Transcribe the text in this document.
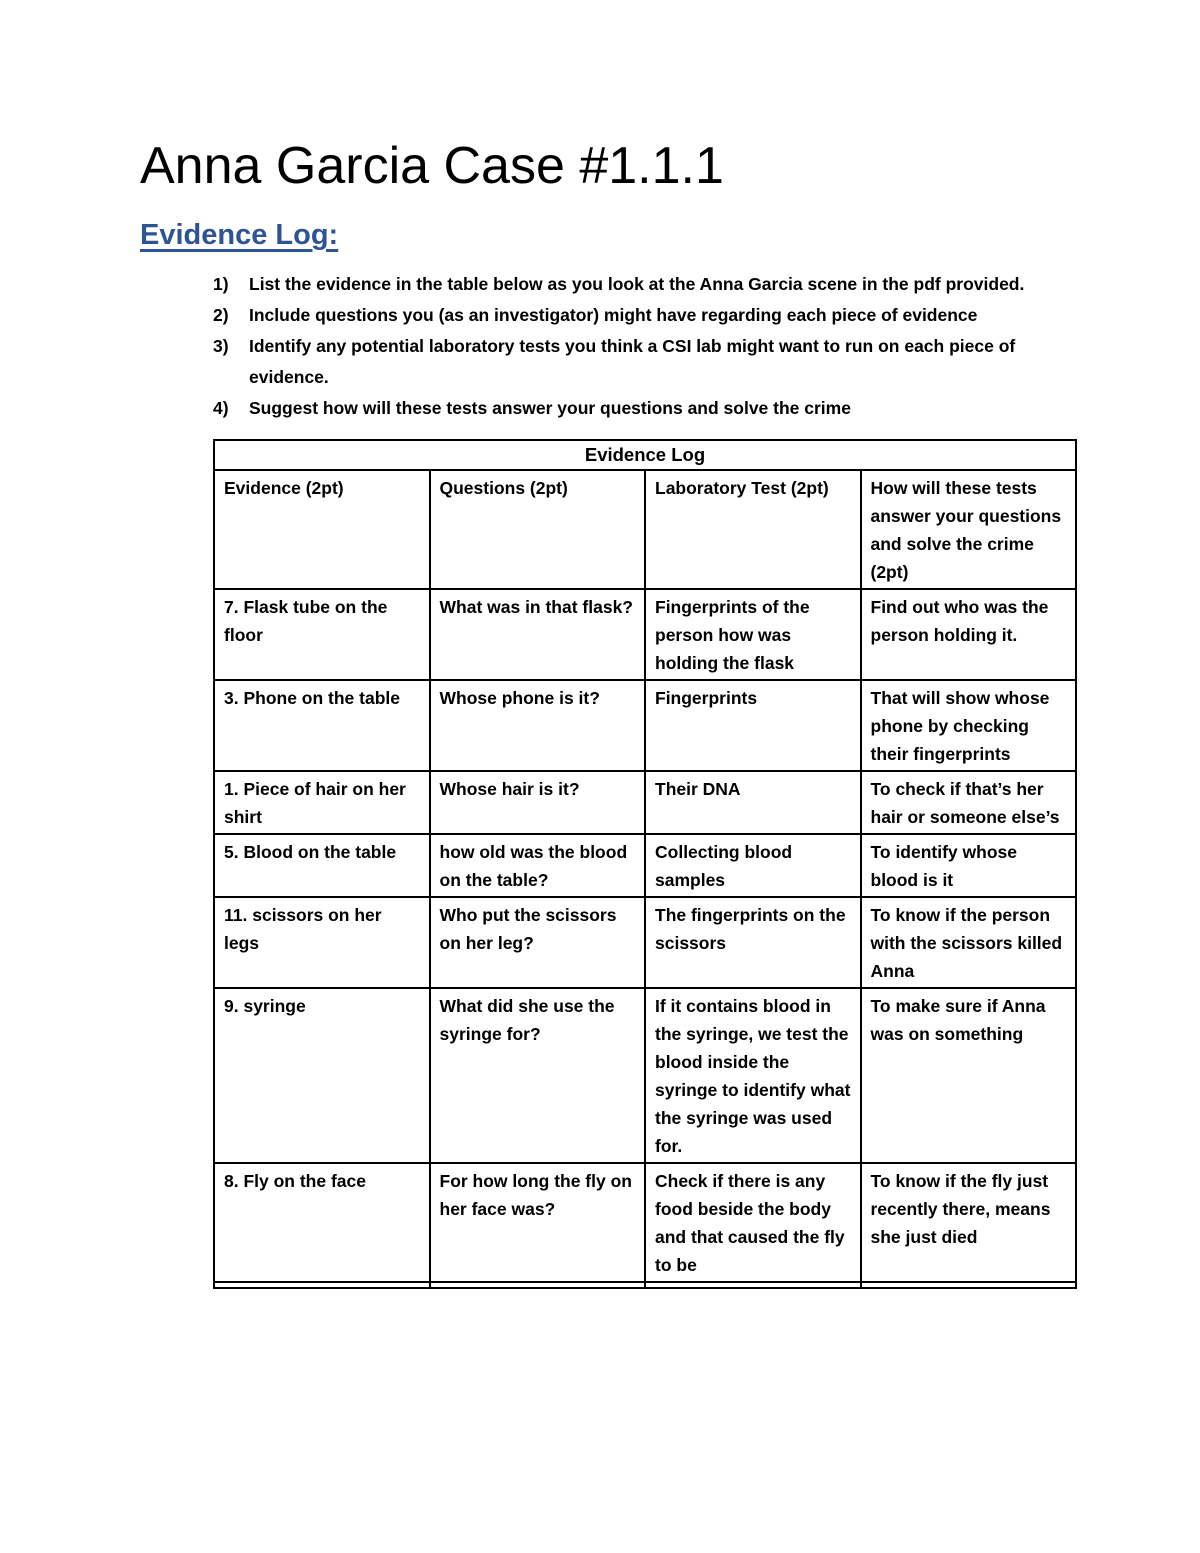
Anna Garcia Case #1.1.1
Evidence Log:
1)	List the evidence in the table below as you look at the Anna Garcia scene in the pdf provided.
2)	Include questions you (as an investigator) might have regarding each piece of evidence
3)	Identify any potential laboratory tests you think a CSI lab might want to run on each piece of evidence.
4)	Suggest how will these tests answer your questions and solve the crime
Evidence Log			
Evidence (2pt)	Questions (2pt)	Laboratory Test (2pt)	How will these tests answer your questions and solve the crime (2pt)
7. Flask tube on the floor	What was in that flask?	Fingerprints of the person how was holding the flask	Find out who was the person holding it.
3. Phone on the table	Whose phone is it?	Fingerprints	That will show whose phone by checking their fingerprints
1. Piece of hair on her shirt	Whose hair is it?	Their DNA	To check if that’s her hair or someone else’s
5. Blood on the table	how old was the blood on the table?	Collecting blood samples	To identify whose blood is it
11. scissors on her legs	Who put the scissors on her leg?	The fingerprints on the scissors	To know if the person with the scissors killed Anna
9. syringe	What did she use the syringe for?	If it contains blood in the syringe, we test the blood inside the syringe to identify what the syringe was used for.	To make sure if Anna was on something
8. Fly on the face	For how long the fly on her face was?	Check if there is any food beside the body and that caused the fly to be	To know if the fly just recently there, means she just died
